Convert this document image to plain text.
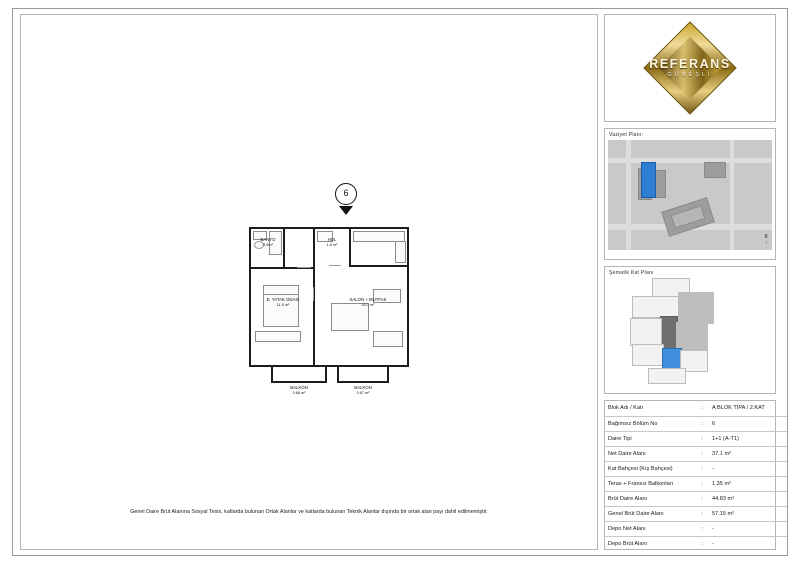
6
BANYO
3.5m²
HOL
1.6 m²
E. YATAK ODASI
11.9 m²
SALON + MUTFAK
20.1 m²
BALKON
0.68 m²
BALKON
0.67 m²
Genel Daire Brüt Alanına Sosyal Tesis, katlarda bulunan Ortak Alanlar ve katlarda bulunan Teknik Alanlar dışında bir ortak alan payı dahil edilmemiştir.
REFERANS
GÜNEŞLİ
Vaziyet Planı:
K
↑
Şematik Kat Planı
Blok Adı / Katı	:	A BLOK TİPA / 2.KAT
Bağımsız Bölüm No	:	6
Daire Tipi	:	1+1 (A-T1)
Net Daire Alanı	:	37.1 m²
Kat Bahçesi (Kış Bahçesi)	:	-
Teras + Fransız Balkonları	:	1.35 m²
Brüt Daire Alanı	:	44.83 m²
Genel Brüt Daire Alanı	:	57.15 m²
Depo Net Alanı	:	-
Depo Brüt Alanı	:	-
